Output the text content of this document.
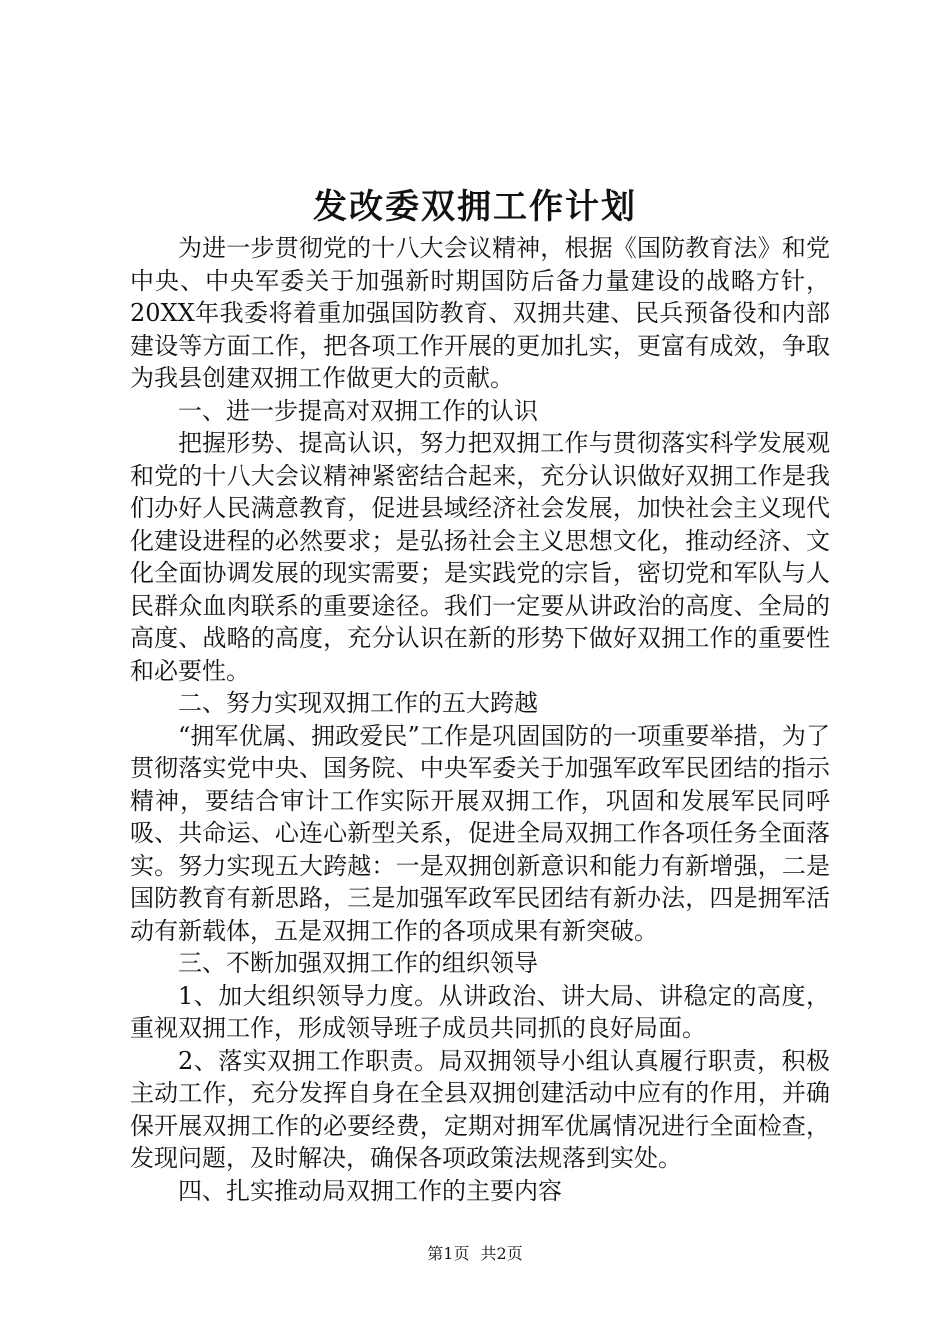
发改委双拥工作计划

为进一步贯彻党的十八大会议精神，根据《国防教育法》和党中央、中央军委关于加强新时期国防后备力量建设的战略方针，20XX年我委将着重加强国防教育、双拥共建、民兵预备役和内部建设等方面工作，把各项工作开展的更加扎实，更富有成效，争取为我县创建双拥工作做更大的贡献。

一、进一步提高对双拥工作的认识

把握形势、提高认识，努力把双拥工作与贯彻落实科学发展观和党的十八大会议精神紧密结合起来，充分认识做好双拥工作是我们办好人民满意教育，促进县域经济社会发展，加快社会主义现代化建设进程的必然要求；是弘扬社会主义思想文化，推动经济、文化全面协调发展的现实需要；是实践党的宗旨，密切党和军队与人民群众血肉联系的重要途径。我们一定要从讲政治的高度、全局的高度、战略的高度，充分认识在新的形势下做好双拥工作的重要性和必要性。

二、努力实现双拥工作的五大跨越

“拥军优属、拥政爱民”工作是巩固国防的一项重要举措，为了贯彻落实党中央、国务院、中央军委关于加强军政军民团结的指示精神，要结合审计工作实际开展双拥工作，巩固和发展军民同呼吸、共命运、心连心新型关系，促进全局双拥工作各项任务全面落实。努力实现五大跨越：一是双拥创新意识和能力有新增强，二是国防教育有新思路，三是加强军政军民团结有新办法，四是拥军活动有新载体，五是双拥工作的各项成果有新突破。

三、不断加强双拥工作的组织领导

1、加大组织领导力度。从讲政治、讲大局、讲稳定的高度，重视双拥工作，形成领导班子成员共同抓的良好局面。

2、落实双拥工作职责。局双拥领导小组认真履行职责，积极主动工作，充分发挥自身在全县双拥创建活动中应有的作用，并确保开展双拥工作的必要经费，定期对拥军优属情况进行全面检查，发现问题，及时解决，确保各项政策法规落到实处。

四、扎实推动局双拥工作的主要内容

第1页 共2页
